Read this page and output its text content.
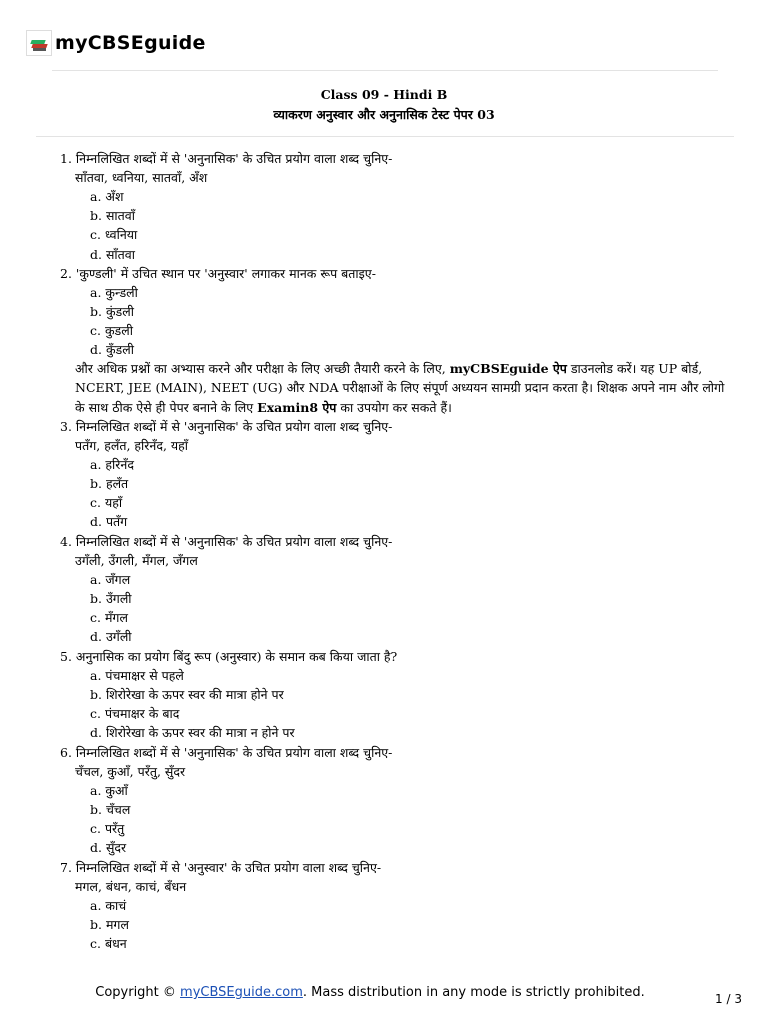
myCBSEguide
Class 09 - Hindi B
व्याकरण अनुस्वार और अनुनासिक टेस्ट पेपर 03
1. निम्नलिखित शब्दों में से 'अनुनासिक' के उचित प्रयोग वाला शब्द चुनिए-
साँतवा, ध्वनिया, सातवाँ, अँश
a. अँश
b. सातवाँ
c. ध्वनिया
d. साँतवा
2. 'कुण्डली' में उचित स्थान पर 'अनुस्वार' लगाकर मानक रूप बताइए-
a. कुन्डली
b. कुंडली
c. कुडली
d. कुँडली
और अधिक प्रश्नों का अभ्यास करने और परीक्षा के लिए अच्छी तैयारी करने के लिए, myCBSEguide ऐप डाउनलोड करें। यह UP बोर्ड,
NCERT, JEE (MAIN), NEET (UG) और NDA परीक्षाओं के लिए संपूर्ण अध्ययन सामग्री प्रदान करता है। शिक्षक अपने नाम और लोगो
के साथ ठीक ऐसे ही पेपर बनाने के लिए Examin8 ऐप का उपयोग कर सकते हैं।
3. निम्नलिखित शब्दों में से 'अनुनासिक' के उचित प्रयोग वाला शब्द चुनिए-
पतँग, हलँत, हरिनँद, यहाँ
a. हरिनँद
b. हलँत
c. यहाँ
d. पतँग
4. निम्नलिखित शब्दों में से 'अनुनासिक' के उचित प्रयोग वाला शब्द चुनिए-
उगँली, उँगली, मँगल, जँगल
a. जँगल
b. उँगली
c. मँगल
d. उगँली
5. अनुनासिक का प्रयोग बिंदु रूप (अनुस्वार) के समान कब किया जाता है?
a. पंचमाक्षर से पहले
b. शिरोरेखा के ऊपर स्वर की मात्रा होने पर
c. पंचमाक्षर के बाद
d. शिरोरेखा के ऊपर स्वर की मात्रा न होने पर
6. निम्नलिखित शब्दों में से 'अनुनासिक' के उचित प्रयोग वाला शब्द चुनिए-
चँचल, कुआँ, परँतु, सुँदर
a. कुआँ
b. चँचल
c. परँतु
d. सुँदर
7. निम्नलिखित शब्दों में से 'अनुस्वार' के उचित प्रयोग वाला शब्द चुनिए-
मगल, बंधन, काचं, बँधन
a. काचं
b. मगल
c. बंधन
Copyright © myCBSEguide.com. Mass distribution in any mode is strictly prohibited.	1 / 3
